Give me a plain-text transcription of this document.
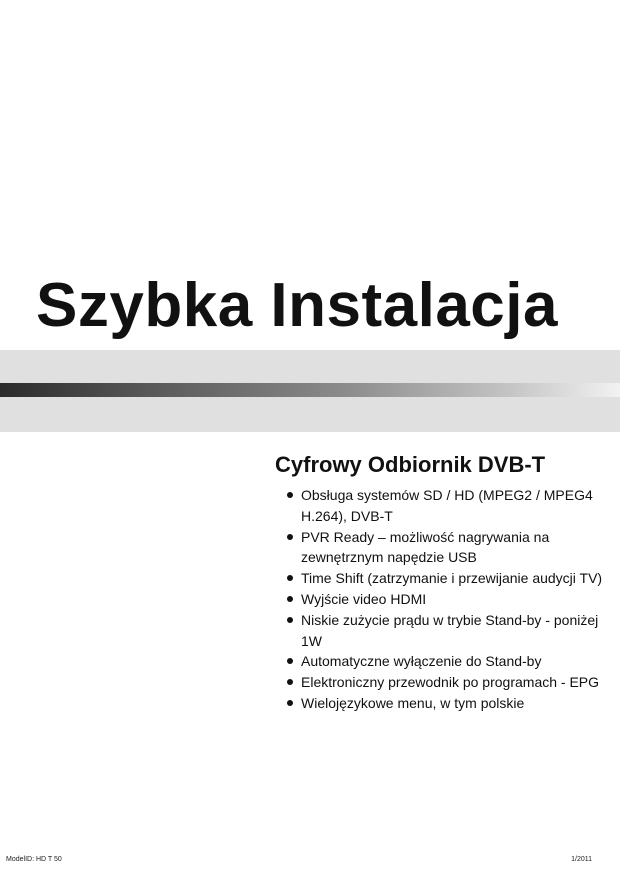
Szybka Instalacja
Cyfrowy Odbiornik DVB-T
Obsługa systemów SD / HD (MPEG2 / MPEG4 H.264), DVB-T
PVR Ready – możliwość nagrywania na zewnętrznym napędzie USB
Time Shift (zatrzymanie i przewijanie audycji TV)
Wyjście video HDMI
Niskie zużycie prądu w trybie Stand-by - poniżej 1W
Automatyczne wyłączenie do Stand-by
Elektroniczny przewodnik po programach - EPG
Wielojęzykowe menu, w tym polskie
ModelID: HD T 50	1/2011
